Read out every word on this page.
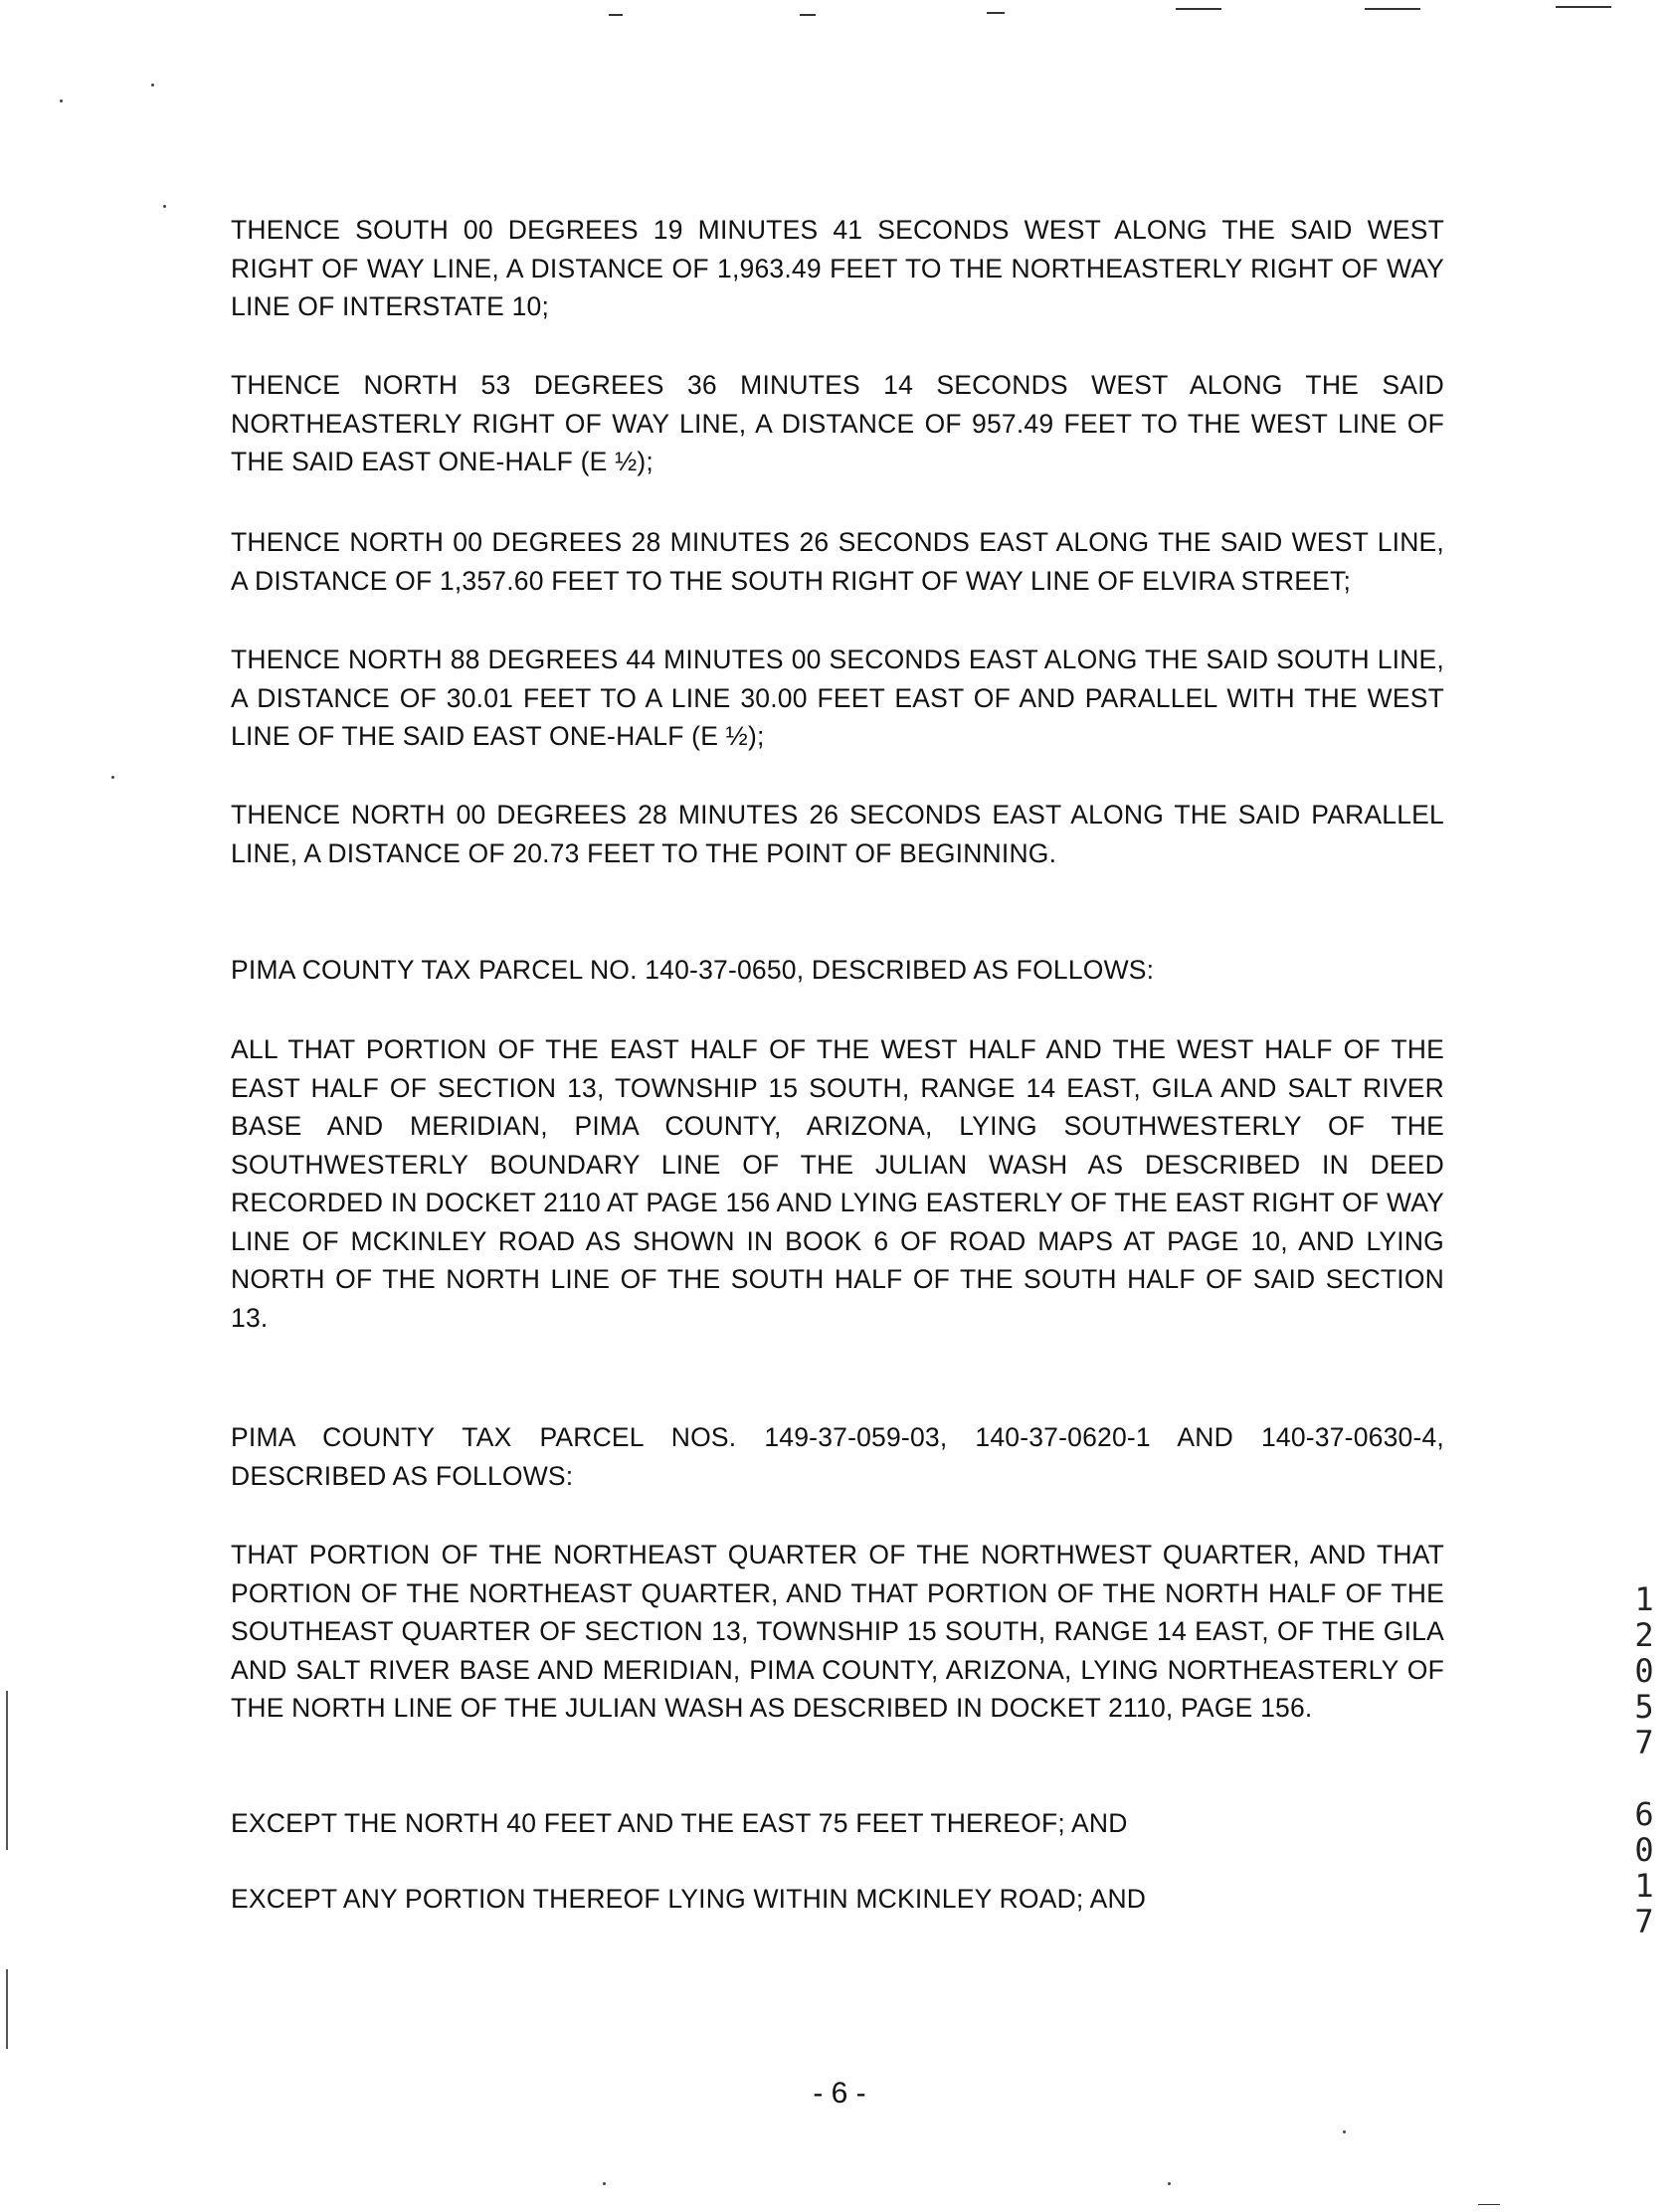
THENCE SOUTH 00 DEGREES 19 MINUTES 41 SECONDS WEST ALONG THE SAID WEST RIGHT OF WAY LINE, A DISTANCE OF 1,963.49 FEET TO THE NORTHEASTERLY RIGHT OF WAY LINE OF INTERSTATE 10;
THENCE NORTH 53 DEGREES 36 MINUTES 14 SECONDS WEST ALONG THE SAID NORTHEASTERLY RIGHT OF WAY LINE, A DISTANCE OF 957.49 FEET TO THE WEST LINE OF THE SAID EAST ONE-HALF (E ½);
THENCE NORTH 00 DEGREES 28 MINUTES 26 SECONDS EAST ALONG THE SAID WEST LINE, A DISTANCE OF 1,357.60 FEET TO THE SOUTH RIGHT OF WAY LINE OF ELVIRA STREET;
THENCE NORTH 88 DEGREES 44 MINUTES 00 SECONDS EAST ALONG THE SAID SOUTH LINE, A DISTANCE OF 30.01 FEET TO A LINE 30.00 FEET EAST OF AND PARALLEL WITH THE WEST LINE OF THE SAID EAST ONE-HALF (E ½);
THENCE NORTH 00 DEGREES 28 MINUTES 26 SECONDS EAST ALONG THE SAID PARALLEL LINE, A DISTANCE OF 20.73 FEET TO THE POINT OF BEGINNING.
PIMA COUNTY TAX PARCEL NO. 140-37-0650, DESCRIBED AS FOLLOWS:
ALL THAT PORTION OF THE EAST HALF OF THE WEST HALF AND THE WEST HALF OF THE EAST HALF OF SECTION 13, TOWNSHIP 15 SOUTH, RANGE 14 EAST, GILA AND SALT RIVER BASE AND MERIDIAN, PIMA COUNTY, ARIZONA, LYING SOUTHWESTERLY OF THE SOUTHWESTERLY BOUNDARY LINE OF THE JULIAN WASH AS DESCRIBED IN DEED RECORDED IN DOCKET 2110 AT PAGE 156 AND LYING EASTERLY OF THE EAST RIGHT OF WAY LINE OF MCKINLEY ROAD AS SHOWN IN BOOK 6 OF ROAD MAPS AT PAGE 10, AND LYING NORTH OF THE NORTH LINE OF THE SOUTH HALF OF THE SOUTH HALF OF SAID SECTION 13.
PIMA COUNTY TAX PARCEL NOS. 149-37-059-03, 140-37-0620-1 AND 140-37-0630-4, DESCRIBED AS FOLLOWS:
THAT PORTION OF THE NORTHEAST QUARTER OF THE NORTHWEST QUARTER, AND THAT PORTION OF THE NORTHEAST QUARTER, AND THAT PORTION OF THE NORTH HALF OF THE SOUTHEAST QUARTER OF SECTION 13, TOWNSHIP 15 SOUTH, RANGE 14 EAST, OF THE GILA AND SALT RIVER BASE AND MERIDIAN, PIMA COUNTY, ARIZONA, LYING NORTHEASTERLY OF THE NORTH LINE OF THE JULIAN WASH AS DESCRIBED IN DOCKET 2110, PAGE 156.
EXCEPT THE NORTH 40 FEET AND THE EAST 75 FEET THEREOF; AND
EXCEPT ANY PORTION THEREOF LYING WITHIN MCKINLEY ROAD; AND
- 6 -
1
2
0
5
7

6
0
1
7
